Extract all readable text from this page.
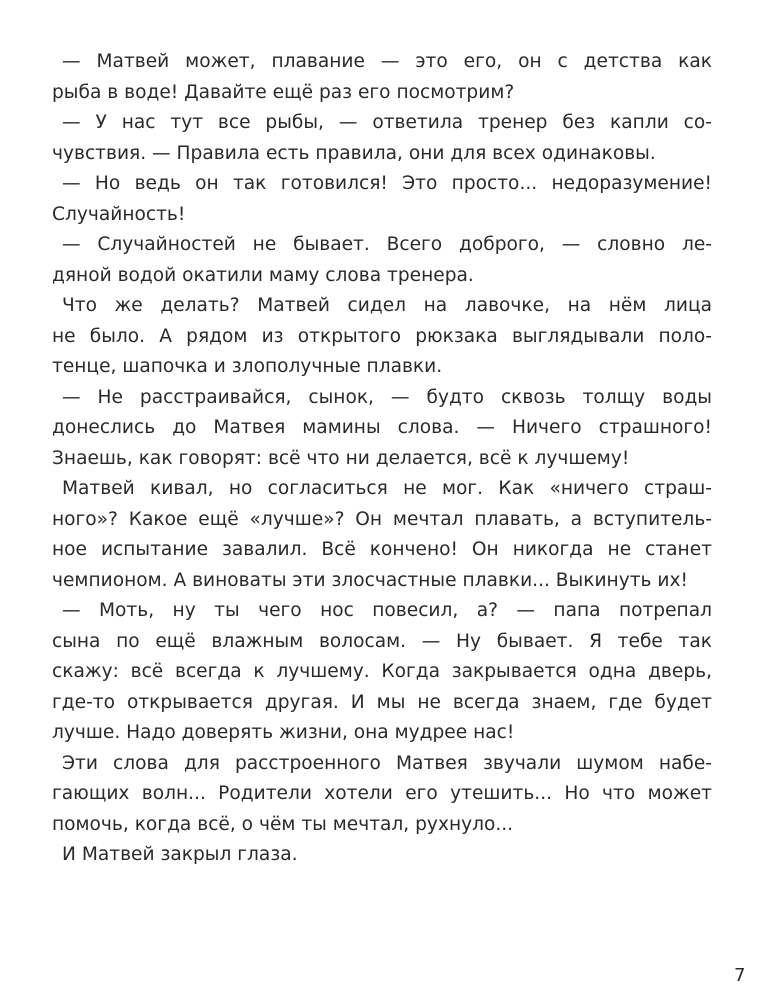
— Матвей может, плавание — это его, он с детства как
рыба в воде! Давайте ещё раз его посмотрим?
— У нас тут все рыбы, — ответила тренер без капли со-
чувствия. — Правила есть правила, они для всех одинаковы.
— Но ведь он так готовился! Это просто... недоразумение!
Случайность!
— Случайностей не бывает. Всего доброго, — словно ле-
дяной водой окатили маму слова тренера.
Что же делать? Матвей сидел на лавочке, на нём лица
не было. А рядом из открытого рюкзака выглядывали поло-
тенце, шапочка и злополучные плавки.
— Не расстраивайся, сынок, — будто сквозь толщу воды
донеслись до Матвея мамины слова. — Ничего страшного!
Знаешь, как говорят: всё что ни делается, всё к лучшему!
Матвей кивал, но согласиться не мог. Как «ничего страш-
ного»? Какое ещё «лучше»? Он мечтал плавать, а вступитель-
ное испытание завалил. Всё кончено! Он никогда не станет
чемпионом. А виноваты эти злосчастные плавки... Выкинуть их!
— Моть, ну ты чего нос повесил, а? — папа потрепал
сына по ещё влажным волосам. — Ну бывает. Я тебе так
скажу: всё всегда к лучшему. Когда закрывается одна дверь,
где-то открывается другая. И мы не всегда знаем, где будет
лучше. Надо доверять жизни, она мудрее нас!
Эти слова для расстроенного Матвея звучали шумом набе-
гающих волн... Родители хотели его утешить... Но что может
помочь, когда всё, о чём ты мечтал, рухнуло...
И Матвей закрыл глаза.
7
